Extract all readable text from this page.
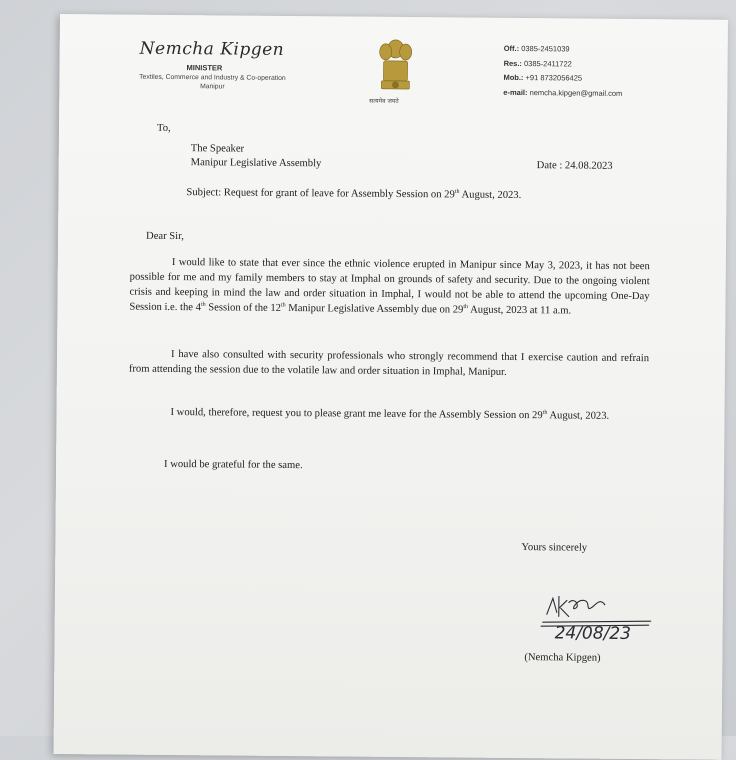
Nemcha Kipgen
MINISTER
Textiles, Commerce and Industry & Co-operation
Manipur
सत्यमेव जयते
Off.: 0385-2451039
Res.: 0385-2411722
Mob.: +91 8732056425
e-mail: nemcha.kipgen@gmail.com
To,
The Speaker
Manipur Legislative Assembly	Date : 24.08.2023
Subject: Request for grant of leave for Assembly Session on 29th August, 2023.
Dear Sir,
I would like to state that ever since the ethnic violence erupted in Manipur since May 3, 2023, it has not been possible for me and my family members to stay at Imphal on grounds of safety and security. Due to the ongoing violent crisis and keeping in mind the law and order situation in Imphal, I would not be able to attend the upcoming One-Day Session i.e. the 4th Session of the 12th Manipur Legislative Assembly due on 29th August, 2023 at 11 a.m.
I have also consulted with security professionals who strongly recommend that I exercise caution and refrain from attending the session due to the volatile law and order situation in Imphal, Manipur.
I would, therefore, request you to please grant me leave for the Assembly Session on 29th August, 2023.
I would be grateful for the same.
Yours sincerely
24/08/23
(Nemcha Kipgen)
